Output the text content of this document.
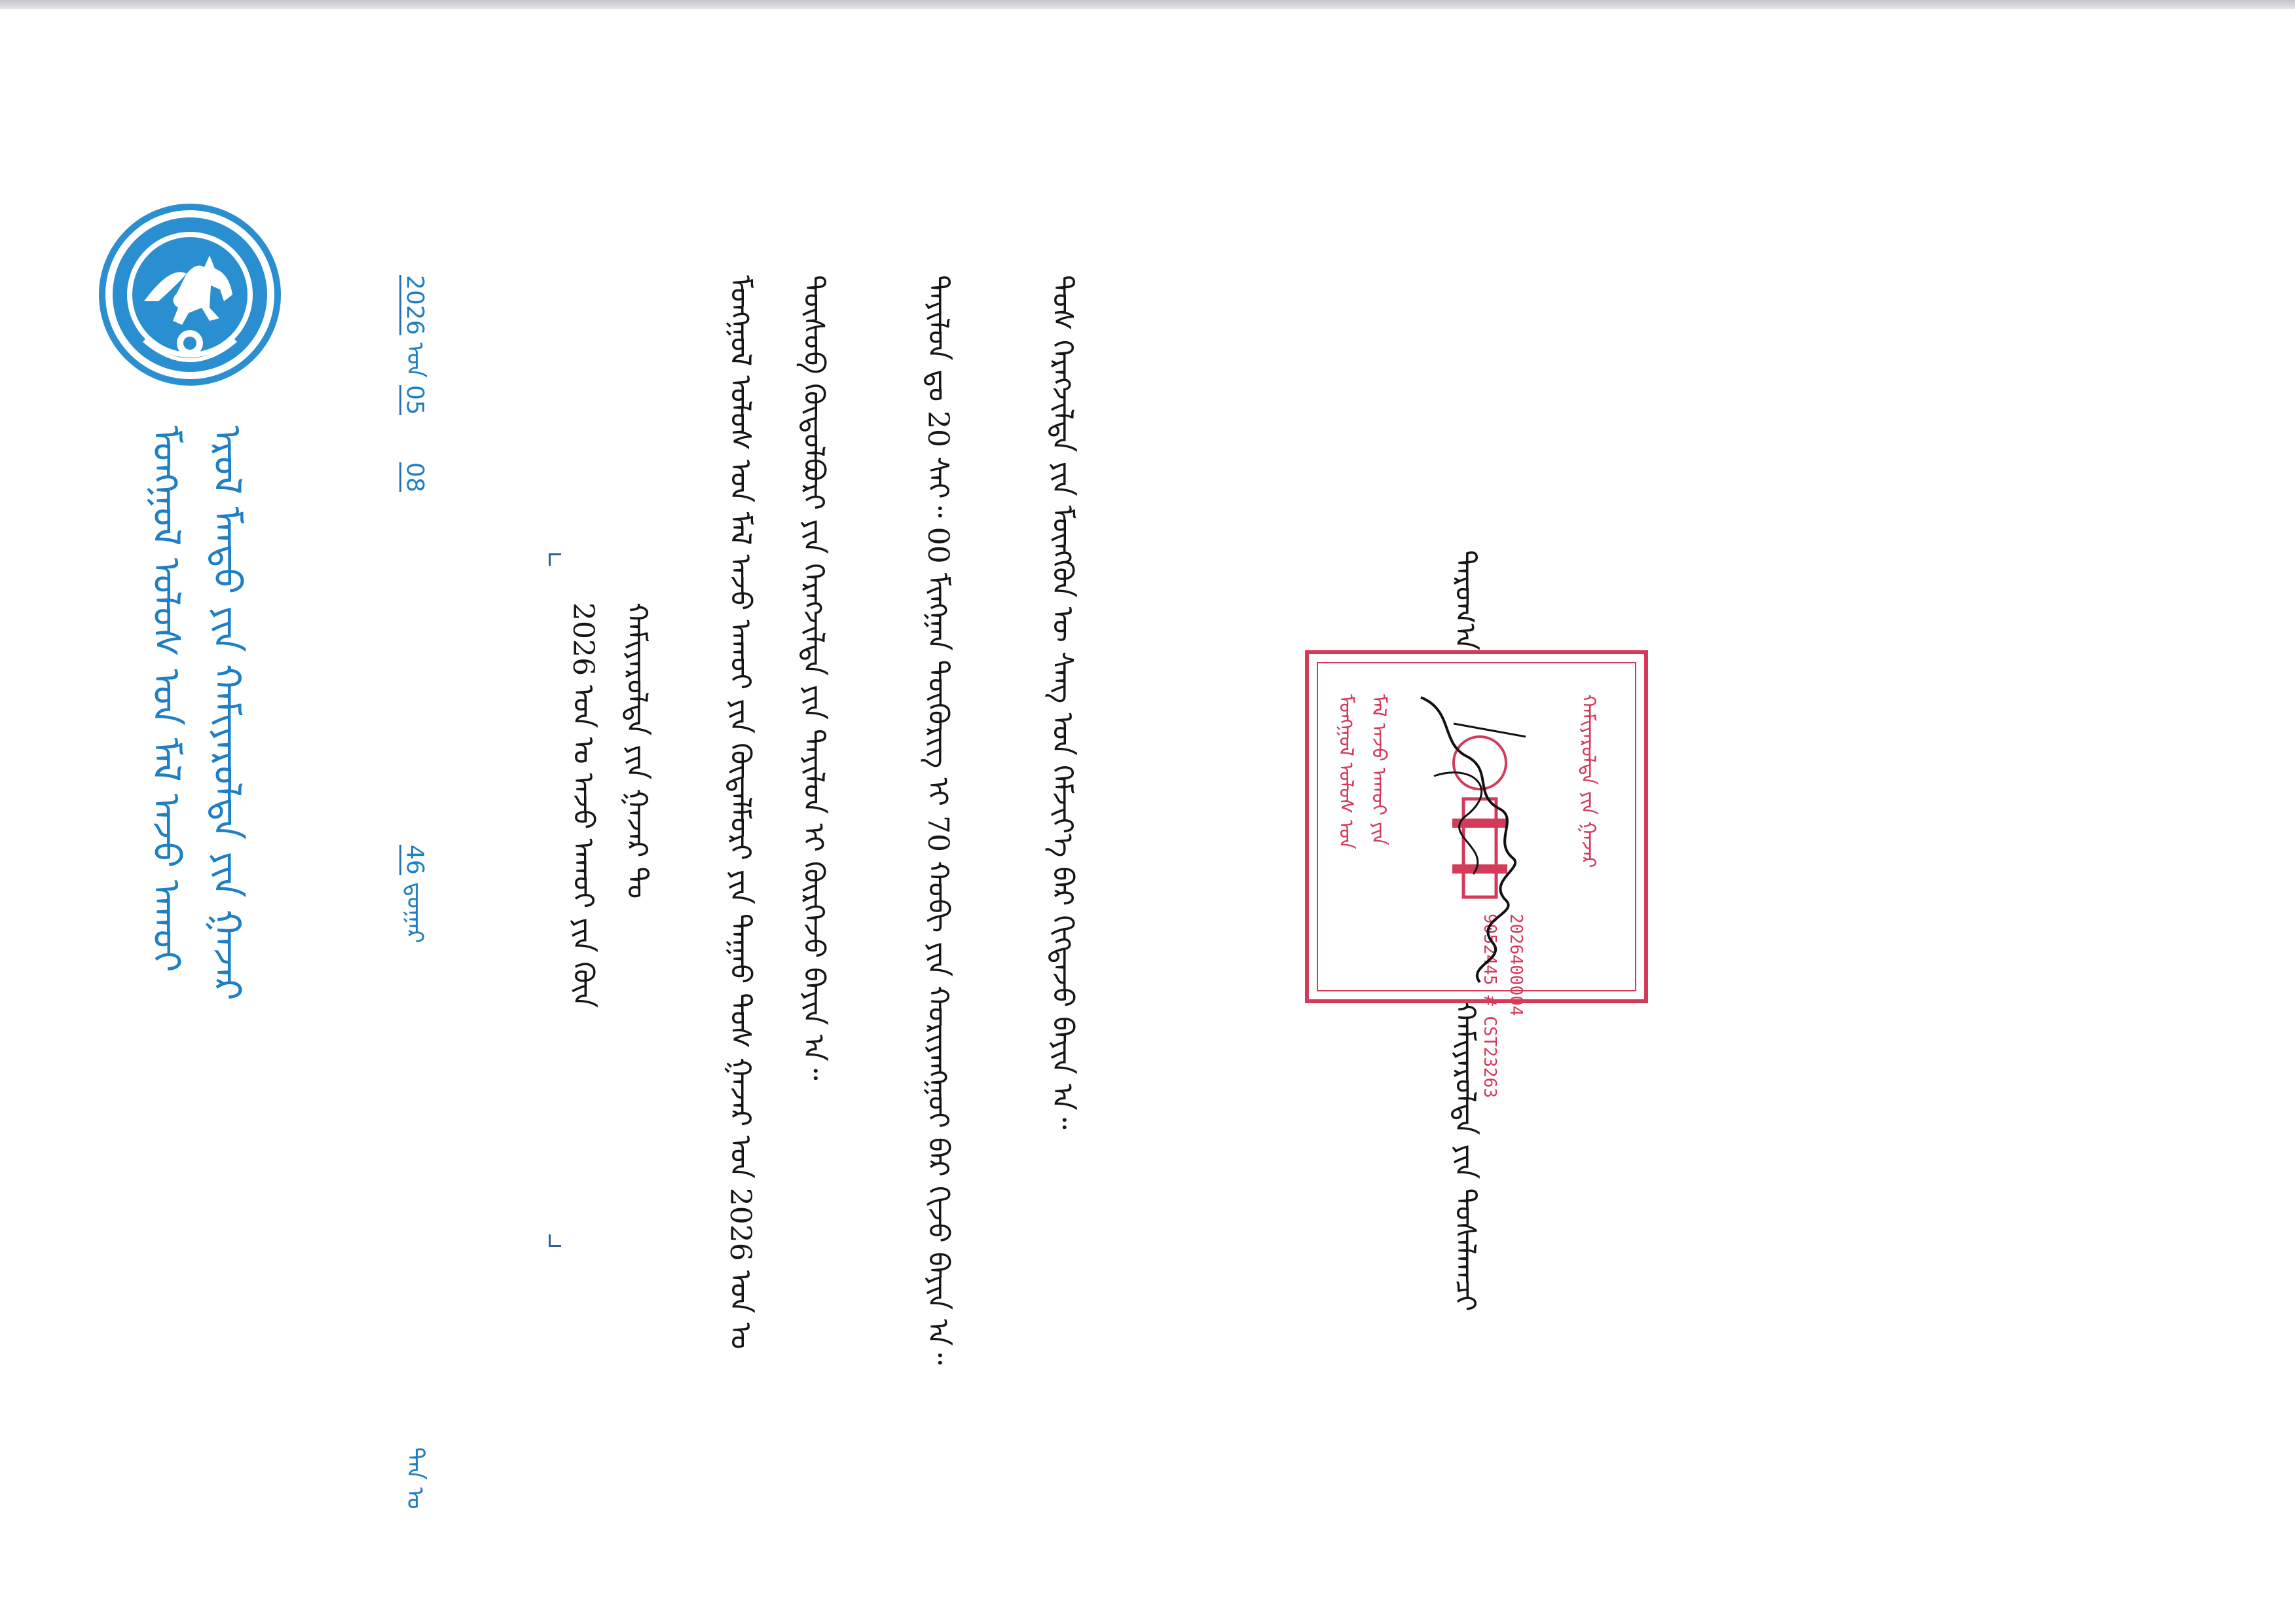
ᠮᠣᠩᠭᠣᠯ ᠤᠯᠤᠰ ᠤᠨ ᠮᠠᠯ ᠠᠵᠤ ᠠᠬᠤᠢ ᠡᠷᠦᠯ ᠮᠡᠨᠳᠦ ᠶᠢᠨ ᠬᠠᠮᠢᠶᠠᠷᠤᠯᠲᠠ ᠶᠢᠨ ᠭᠠᠵᠠᠷ
2026 ᠣᠨ 05 08
46 ᠳ᠋ᠤᠭᠠᠷ
ᠲᠠᠨ ᠤ
2026 ᠣᠨ ᠤ ᠠᠵᠤ ᠠᠬᠤᠢ ᠶᠢᠨ ᠬᠦᠨ ᠬᠠᠮᠢᠶᠠᠷᠤᠯᠲᠠ ᠶᠢᠨ ᠭᠠᠵᠠᠷ ᠲᠤ ᠮᠣᠩᠭᠣᠯ ᠤᠯᠤᠰ ᠤᠨ ᠮᠠᠯ ᠠᠵᠤ ᠠᠬᠤᠢ ᠶᠢᠨ ᠬᠦᠳᠡᠯᠮᠦᠷᠢ ᠶᠢᠨ ᠳᠠᠭᠠᠤ ᠲᠤᠰ ᠭᠠᠵᠠᠷ ᠤᠨ 2026 ᠣᠨ ᠤ ᠲᠥᠰᠥᠪ ᠬᠥᠲᠦᠯᠪᠦᠷᠢ ᠶᠢᠨ ᠬᠡᠷᠡᠭᠵᠢᠯᠲᠡ ᠶᠢᠨ ᠲᠠᠶᠢᠯᠤᠨ ᠢ ᠬᠦᠷᠭᠡᠵᠦ ᠪᠠᠶᠢᠨ ᠠ᠃	ᠲᠠᠶᠢᠯᠤᠨ ᠳᠤ 20 ᠰᠠᠶ᠃ 00 ᠮᠢᠩᠭᠠᠨ ᠲᠥᠭᠦᠷᠢᠭ ᠢ 70 ᠬᠤᠪᠢ ᠶᠢᠨ ᠬᠣᠷᠢᠶᠠᠩᠭᠤᠢ ᠪᠠᠷ ᠬᠢᠵᠦ ᠪᠠᠶᠢᠨ ᠠ᠃	ᠲᠣᠰ ᠬᠡᠷᠡᠭᠵᠢᠯᠲᠡ ᠶᠢᠨ ᠮᠥᠩᠭᠦᠨ ᠦ ᠰᠠᠩ ᠤᠨ ᠬᠡᠮᠵᠢᠶ᠎ᠡ ᠪᠡᠷ ᠬᠢᠭᠳᠡᠵᠦ ᠪᠠᠶᠢᠨ ᠠ᠃	ᠳᠠᠷᠤᠭ᠎ᠠ
ᠬᠠᠮᠢᠶᠠᠷᠤᠯᠲᠠ ᠶᠢᠨ ᠲᠤᠰᠠᠯᠠᠭᠴᠢ
ᠮᠣᠩᠭᠣᠯ ᠤᠯᠤᠰ ᠤᠨ ᠮᠠᠯ ᠠᠵᠤ ᠠᠬᠤᠢ ᠶᠢᠨ	ᠬᠠᠮᠢᠶᠠᠷᠤᠯᠲᠠ ᠶᠢᠨ ᠭᠠᠵᠠᠷ
2026400004
9052445 # CST23263
